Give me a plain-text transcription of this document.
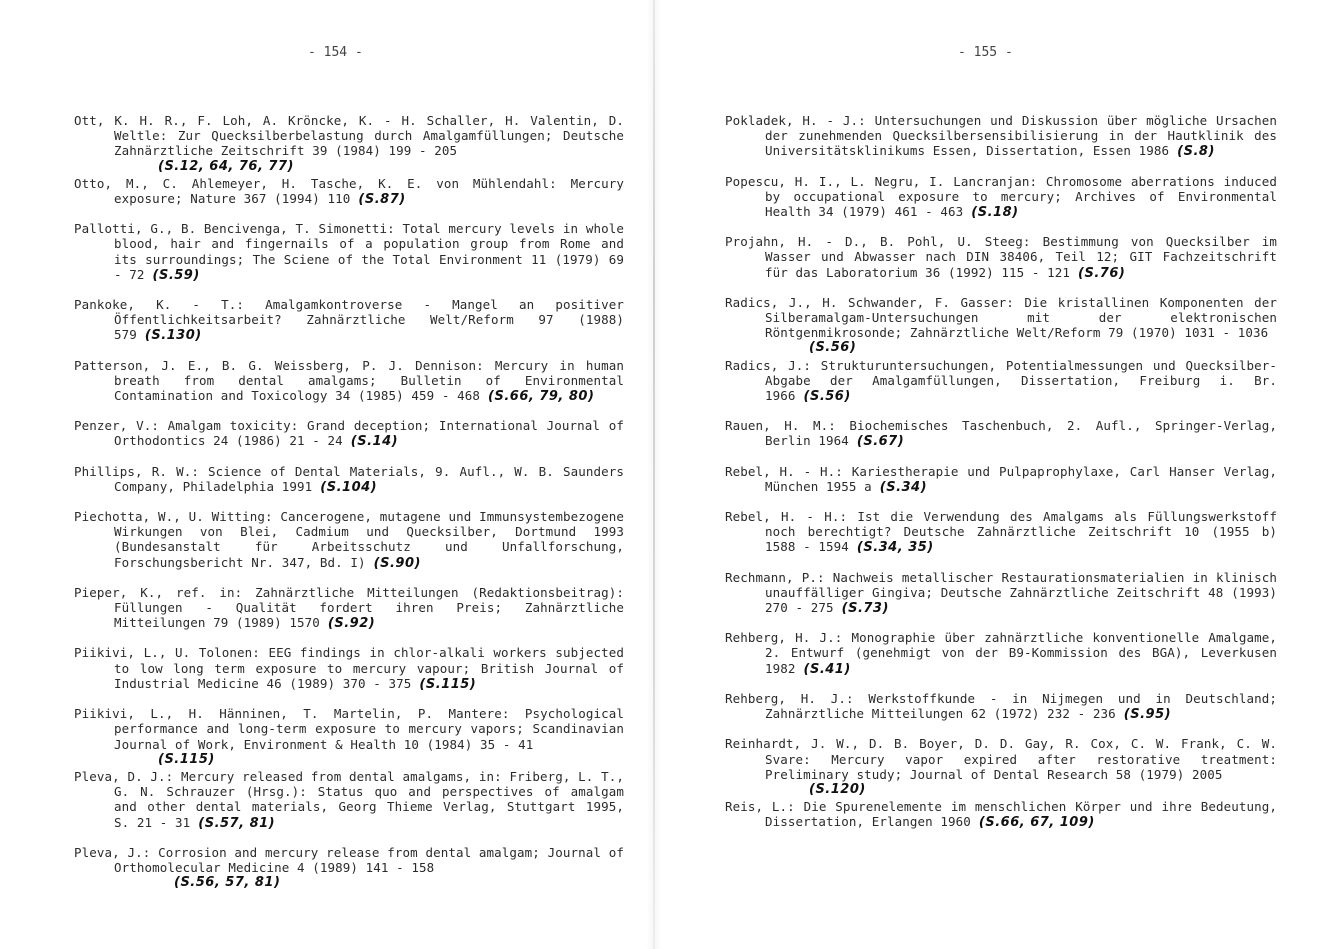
- 154 -
Ott, K. H. R., F. Loh, A. Kröncke, K. - H. Schaller, H. Valentin, D. Weltle: Zur Quecksilberbelastung durch Amalgamfüllungen; Deutsche Zahnärztliche Zeitschrift 39 (1984) 199 - 205
(S.12, 64, 76, 77)
Otto, M., C. Ahlemeyer, H. Tasche, K. E. von Mühlendahl: Mercury exposure; Nature 367 (1994) 110 (S.87)
Pallotti, G., B. Bencivenga, T. Simonetti: Total mercury levels in whole blood, hair and fingernails of a population group from Rome and its surroundings; The Sciene of the Total Environment 11 (1979) 69 - 72 (S.59)
Pankoke, K. - T.: Amalgamkontroverse - Mangel an positiver Öffentlichkeitsarbeit? Zahnärztliche Welt/Reform 97 (1988) 579 (S.130)
Patterson, J. E., B. G. Weissberg, P. J. Dennison: Mercury in human breath from dental amalgams; Bulletin of Environmental Contamination and Toxicology 34 (1985) 459 - 468 (S.66, 79, 80)
Penzer, V.: Amalgam toxicity: Grand deception; International Journal of Orthodontics 24 (1986) 21 - 24 (S.14)
Phillips, R. W.: Science of Dental Materials, 9. Aufl., W. B. Saunders Company, Philadelphia 1991 (S.104)
Piechotta, W., U. Witting: Cancerogene, mutagene und Immunsystembezogene Wirkungen von Blei, Cadmium und Quecksilber, Dortmund 1993 (Bundesanstalt für Arbeitsschutz und Unfallforschung, Forschungsbericht Nr. 347, Bd. I) (S.90)
Pieper, K., ref. in: Zahnärztliche Mitteilungen (Redaktionsbeitrag): Füllungen - Qualität fordert ihren Preis; Zahnärztliche Mitteilungen 79 (1989) 1570 (S.92)
Piikivi, L., U. Tolonen: EEG findings in chlor-alkali workers subjected to low long term exposure to mercury vapour; British Journal of Industrial Medicine 46 (1989) 370 - 375 (S.115)
Piikivi, L., H. Hänninen, T. Martelin, P. Mantere: Psychological performance and long-term exposure to mercury vapors; Scandinavian Journal of Work, Environment & Health 10 (1984) 35 - 41
(S.115)
Pleva, D. J.: Mercury released from dental amalgams, in: Friberg, L. T., G. N. Schrauzer (Hrsg.): Status quo and perspectives of amalgam and other dental materials, Georg Thieme Verlag, Stuttgart 1995, S. 21 - 31 (S.57, 81)
Pleva, J.: Corrosion and mercury release from dental amalgam; Journal of Orthomolecular Medicine 4 (1989) 141 - 158
(S.56, 57, 81)
- 155 -
Pokladek, H. - J.: Untersuchungen und Diskussion über mögliche Ursachen der zunehmenden Quecksilbersensibilisierung in der Hautklinik des Universitätsklinikums Essen, Dissertation, Essen 1986 (S.8)
Popescu, H. I., L. Negru, I. Lancranjan: Chromosome aberrations induced by occupational exposure to mercury; Archives of Environmental Health 34 (1979) 461 - 463 (S.18)
Projahn, H. - D., B. Pohl, U. Steeg: Bestimmung von Quecksilber im Wasser und Abwasser nach DIN 38406, Teil 12; GIT Fachzeitschrift für das Laboratorium 36 (1992) 115 - 121 (S.76)
Radics, J., H. Schwander, F. Gasser: Die kristallinen Komponenten der Silberamalgam-Untersuchungen mit der elektronischen Röntgenmikrosonde; Zahnärztliche Welt/Reform 79 (1970) 1031 - 1036
(S.56)
Radics, J.: Strukturuntersuchungen, Potentialmessungen und Quecksilber-Abgabe der Amalgamfüllungen, Dissertation, Freiburg i. Br. 1966 (S.56)
Rauen, H. M.: Biochemisches Taschenbuch, 2. Aufl., Springer-Verlag, Berlin 1964 (S.67)
Rebel, H. - H.: Kariestherapie und Pulpaprophylaxe, Carl Hanser Verlag, München 1955 a (S.34)
Rebel, H. - H.: Ist die Verwendung des Amalgams als Füllungswerkstoff noch berechtigt? Deutsche Zahnärztliche Zeitschrift 10 (1955 b) 1588 - 1594 (S.34, 35)
Rechmann, P.: Nachweis metallischer Restaurationsmaterialien in klinisch unauffälliger Gingiva; Deutsche Zahnärztliche Zeitschrift 48 (1993) 270 - 275 (S.73)
Rehberg, H. J.: Monographie über zahnärztliche konventionelle Amalgame, 2. Entwurf (genehmigt von der B9-Kommission des BGA), Leverkusen 1982 (S.41)
Rehberg, H. J.: Werkstoffkunde - in Nijmegen und in Deutschland; Zahnärztliche Mitteilungen 62 (1972) 232 - 236 (S.95)
Reinhardt, J. W., D. B. Boyer, D. D. Gay, R. Cox, C. W. Frank, C. W. Svare: Mercury vapor expired after restorative treatment: Preliminary study; Journal of Dental Research 58 (1979) 2005
(S.120)
Reis, L.: Die Spurenelemente im menschlichen Körper und ihre Bedeutung, Dissertation, Erlangen 1960 (S.66, 67, 109)
